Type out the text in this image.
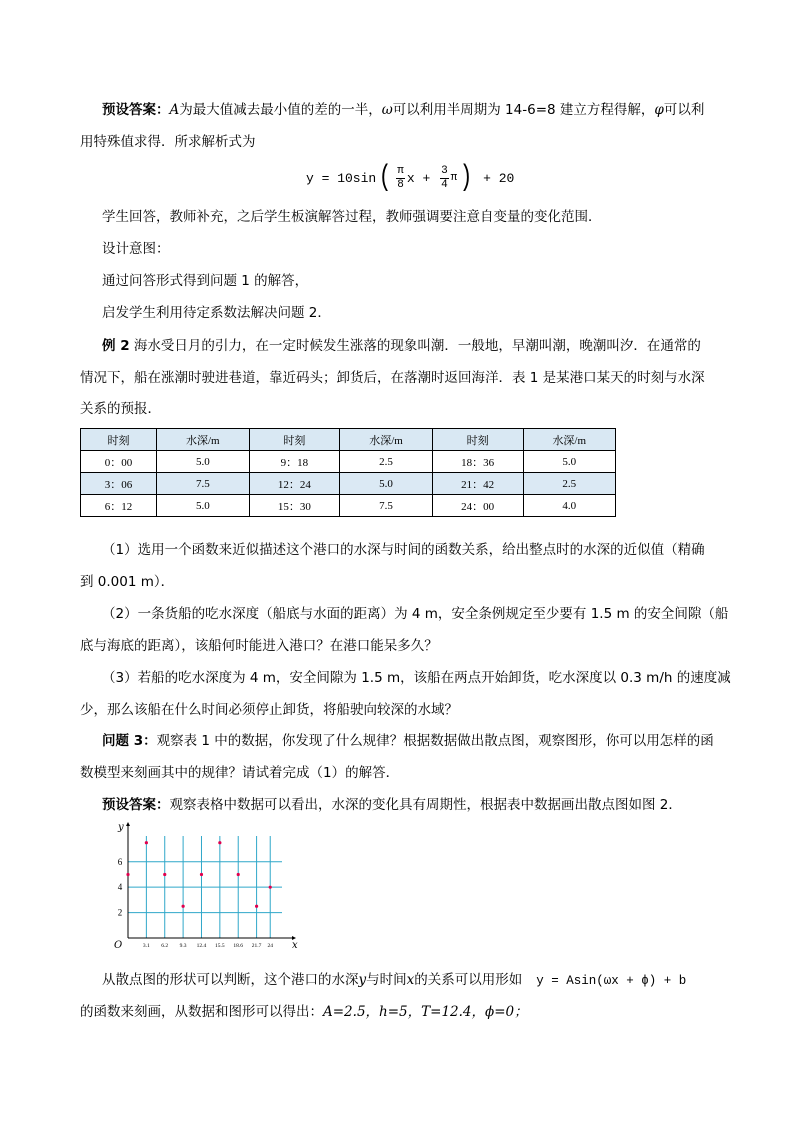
预设答案：A为最大值减去最小值的差的一半，ω可以利用半周期为 14-6=8 建立方程得解，φ可以利
用特殊值求得．所求解析式为
y = 10sin ( $\frac{\pi}{8}$ $x + \frac{3}{4}$ π ) + 20
学生回答，教师补充，之后学生板演解答过程，教师强调要注意自变量的变化范围．
设计意图：
通过问答形式得到问题 1 的解答，
启发学生利用待定系数法解决问题 2．
例 2 海水受日月的引力，在一定时候发生涨落的现象叫潮．一般地，早潮叫潮，晚潮叫汐．在通常的
情况下，船在涨潮时驶进巷道，靠近码头；卸货后，在落潮时返回海洋．表 1 是某港口某天的时刻与水深
关系的预报．
时刻	水深/m	时刻	水深/m	时刻	水深/m
0：00	5.0	9：18	2.5	18：36	5.0
3：06	7.5	12：24	5.0	21：42	2.5
6：12	5.0	15：30	7.5	24：00	4.0
（1）选用一个函数来近似描述这个港口的水深与时间的函数关系，给出整点时的水深的近似值（精确
到 0.001 m）．
（2）一条货船的吃水深度（船底与水面的距离）为 4 m，安全条例规定至少要有 1.5 m 的安全间隙（船
底与海底的距离），该船何时能进入港口？在港口能呆多久？
（3）若船的吃水深度为 4 m，安全间隙为 1.5 m，该船在两点开始卸货，吃水深度以 0.3 m/h 的速度减
少，那么该船在什么时间必须停止卸货，将船驶向较深的水域？
问题 3：观察表 1 中的数据，你发现了什么规律？根据数据做出散点图，观察图形，你可以用怎样的函
数模型来刻画其中的规律？请试着完成（1）的解答．
预设答案：观察表格中数据可以看出，水深的变化具有周期性，根据表中数据画出散点图如图 2．
3.1 6.2 9.3 12.4 15.5 18.6 21.7 24
2
4
6
y
x
O
从散点图的形状可以判断，这个港口的水深y与时间x的关系可以用形如 y = Asin(ωx + ϕ) + b
的函数来刻画，从数据和图形可以得出：A=2.5，h=5，T=12.4，ϕ=0；
